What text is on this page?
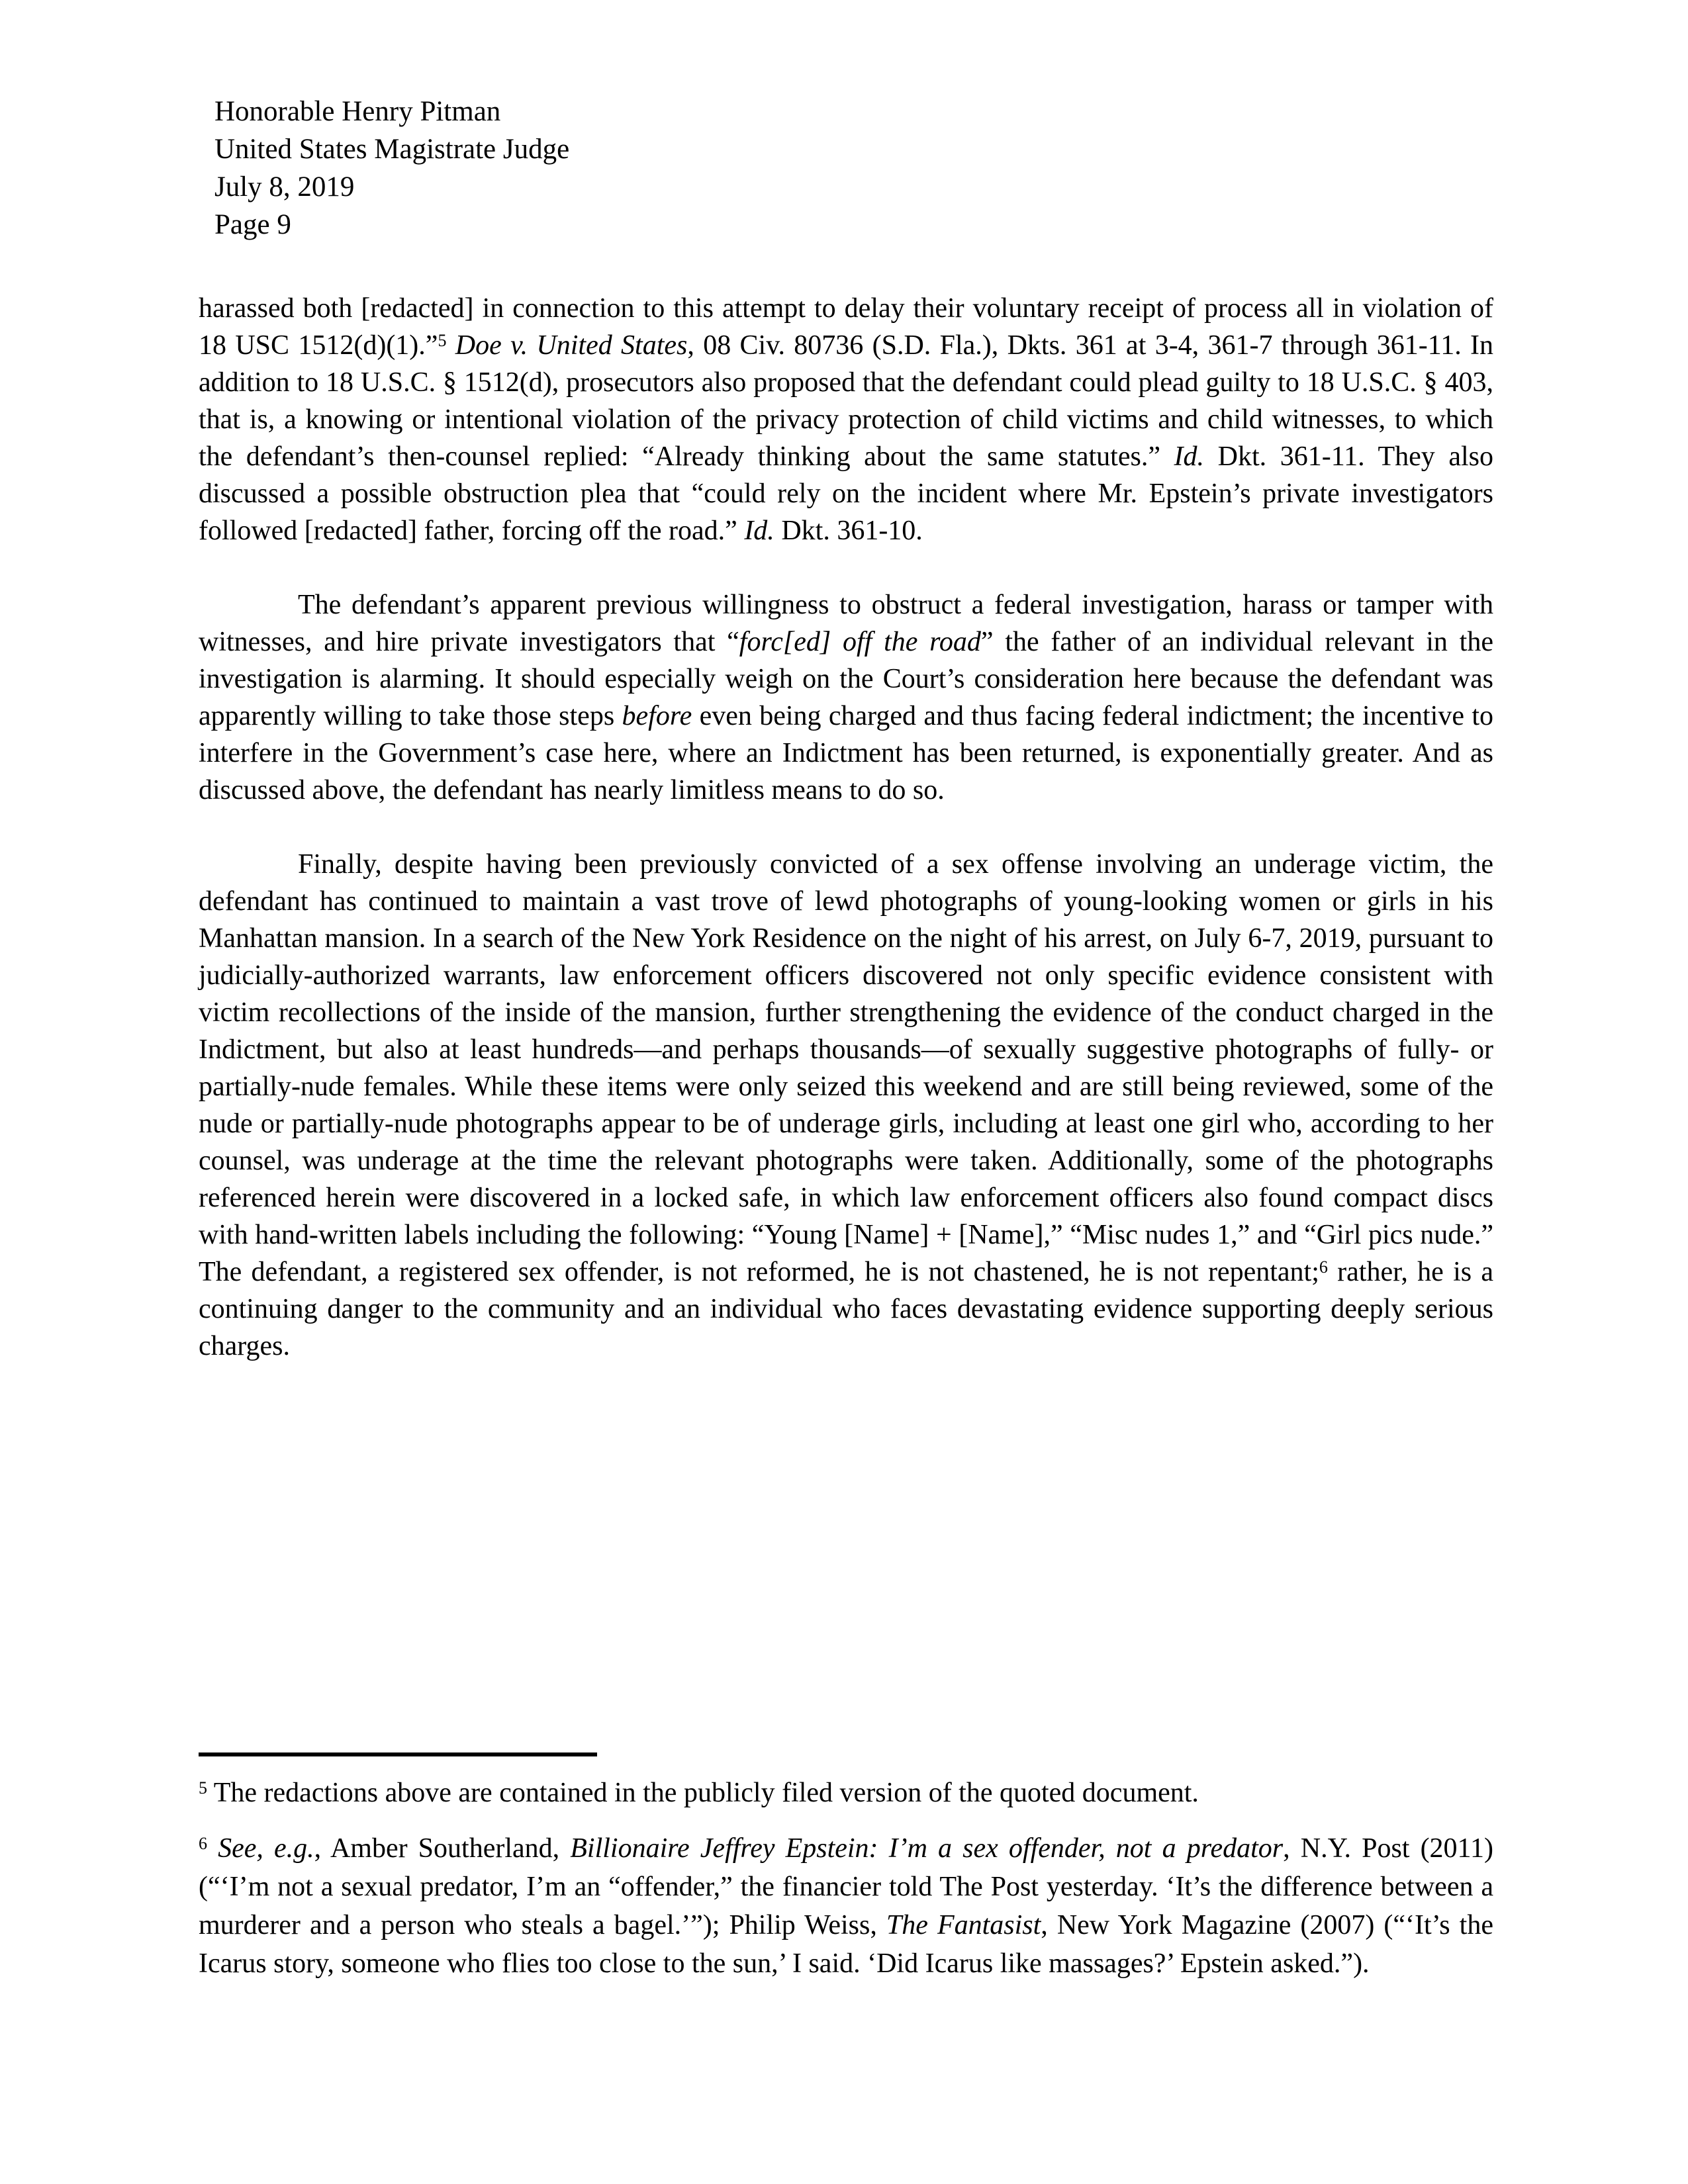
Honorable Henry Pitman
United States Magistrate Judge
July 8, 2019
Page 9

harassed both [redacted] in connection to this attempt to delay their voluntary receipt of process all in violation of 18 USC 1512(d)(1).”$^5$ Doe v. United States, 08 Civ. 80736 (S.D. Fla.), Dkts. 361 at 3-4, 361-7 through 361-11. In addition to 18 U.S.C. § 1512(d), prosecutors also proposed that the defendant could plead guilty to 18 U.S.C. § 403, that is, a knowing or intentional violation of the privacy protection of child victims and child witnesses, to which the defendant’s then-counsel replied: “Already thinking about the same statutes.” Id. Dkt. 361-11. They also discussed a possible obstruction plea that “could rely on the incident where Mr. Epstein’s private investigators followed [redacted] father, forcing off the road.” Id. Dkt. 361-10.

The defendant’s apparent previous willingness to obstruct a federal investigation, harass or tamper with witnesses, and hire private investigators that “forc[ed] off the road” the father of an individual relevant in the investigation is alarming. It should especially weigh on the Court’s consideration here because the defendant was apparently willing to take those steps before even being charged and thus facing federal indictment; the incentive to interfere in the Government’s case here, where an Indictment has been returned, is exponentially greater. And as discussed above, the defendant has nearly limitless means to do so.

Finally, despite having been previously convicted of a sex offense involving an underage victim, the defendant has continued to maintain a vast trove of lewd photographs of young-looking women or girls in his Manhattan mansion. In a search of the New York Residence on the night of his arrest, on July 6-7, 2019, pursuant to judicially-authorized warrants, law enforcement officers discovered not only specific evidence consistent with victim recollections of the inside of the mansion, further strengthening the evidence of the conduct charged in the Indictment, but also at least hundreds—and perhaps thousands—of sexually suggestive photographs of fully- or partially-nude females. While these items were only seized this weekend and are still being reviewed, some of the nude or partially-nude photographs appear to be of underage girls, including at least one girl who, according to her counsel, was underage at the time the relevant photographs were taken. Additionally, some of the photographs referenced herein were discovered in a locked safe, in which law enforcement officers also found compact discs with hand-written labels including the following: “Young [Name] + [Name],” “Misc nudes 1,” and “Girl pics nude.” The defendant, a registered sex offender, is not reformed, he is not chastened, he is not repentant;$^6$ rather, he is a continuing danger to the community and an individual who faces devastating evidence supporting deeply serious charges.

$^5$ The redactions above are contained in the publicly filed version of the quoted document.

$^6$ See, e.g., Amber Southerland, Billionaire Jeffrey Epstein: I’m a sex offender, not a predator, N.Y. Post (2011) (“‘I’m not a sexual predator, I’m an “offender,” the financier told The Post yesterday. ‘It’s the difference between a murderer and a person who steals a bagel.’”); Philip Weiss, The Fantasist, New York Magazine (2007) (“‘It’s the Icarus story, someone who flies too close to the sun,’ I said. ‘Did Icarus like massages?’ Epstein asked.”).
